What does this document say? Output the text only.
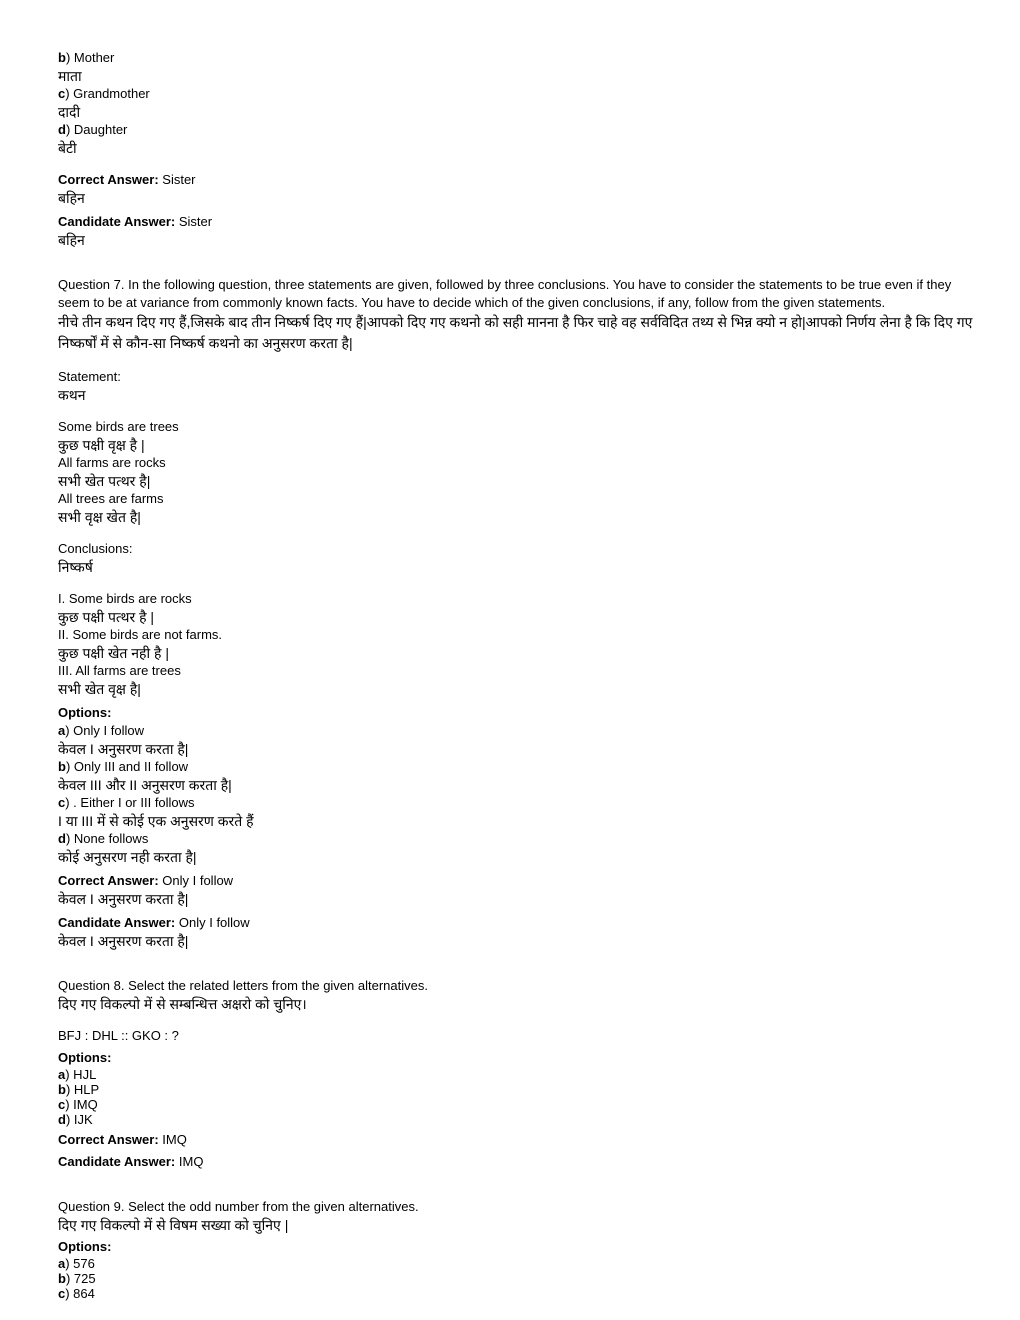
b) Mother
माता
c) Grandmother
दादी
d) Daughter
बेटी
Correct Answer: Sister
बहिन
Candidate Answer: Sister
बहिन
Question 7. In the following question, three statements are given, followed by three conclusions. You have to consider the statements to be true even if they seem to be at variance from commonly known facts. You have to decide which of the given conclusions, if any, follow from the given statements.
नीचे तीन कथन दिए गए हैं,जिसके बाद तीन निष्कर्ष दिए गए हैं|आपको दिए गए कथनो को सही मानना है फिर चाहे वह सर्वविदित तथ्य से भिन्न क्यो न हो|आपको निर्णय लेना है कि दिए गए निष्कर्षों में से कौन-सा निष्कर्ष कथनो का अनुसरण करता है|
Statement:
कथन
Some birds are trees
कुछ पक्षी वृक्ष है |
All farms are rocks
सभी खेत पत्थर है|
All trees are farms
सभी वृक्ष खेत है|
Conclusions:
निष्कर्ष
I. Some birds are rocks
कुछ पक्षी पत्थर है |
II. Some birds are not farms.
कुछ पक्षी खेत नही है |
III. All farms are trees
सभी खेत वृक्ष है|
Options:
a) Only I follow
केवल I अनुसरण करता है|
b) Only III and II follow
केवल III और II अनुसरण करता है|
c) . Either I or III follows
I या III में से कोई एक अनुसरण करते हैं
d) None follows
कोई अनुसरण नही करता है|
Correct Answer: Only I follow
केवल I अनुसरण करता है|
Candidate Answer: Only I follow
केवल I अनुसरण करता है|
Question 8. Select the related letters from the given alternatives.
दिए गए विकल्पो में से सम्बन्धित्त अक्षरो को चुनिए।
BFJ : DHL :: GKO : ?
Options:
a) HJL
b) HLP
c) IMQ
d) IJK
Correct Answer: IMQ
Candidate Answer: IMQ
Question 9. Select the odd number from the given alternatives.
दिए गए विकल्पो में से विषम सख्या को चुनिए |
Options:
a) 576
b) 725
c) 864
